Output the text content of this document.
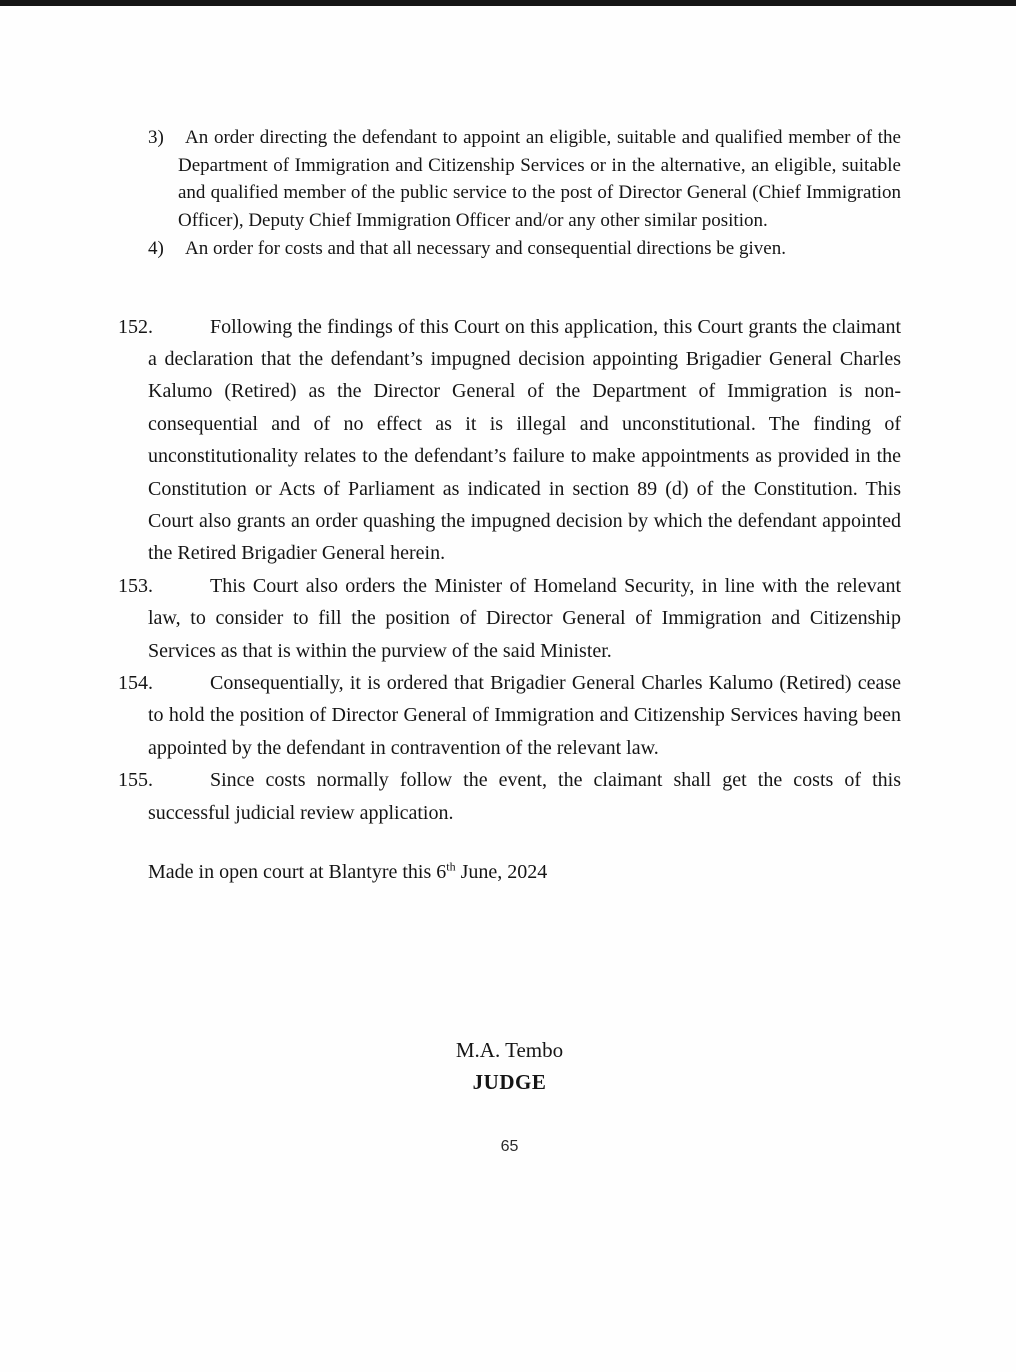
3) An order directing the defendant to appoint an eligible, suitable and qualified member of the Department of Immigration and Citizenship Services or in the alternative, an eligible, suitable and qualified member of the public service to the post of Director General (Chief Immigration Officer), Deputy Chief Immigration Officer and/or any other similar position.
4) An order for costs and that all necessary and consequential directions be given.
152.	Following the findings of this Court on this application, this Court grants the claimant a declaration that the defendant’s impugned decision appointing Brigadier General Charles Kalumo (Retired) as the Director General of the Department of Immigration is non-consequential and of no effect as it is illegal and unconstitutional. The finding of unconstitutionality relates to the defendant’s failure to make appointments as provided in the Constitution or Acts of Parliament as indicated in section 89 (d) of the Constitution. This Court also grants an order quashing the impugned decision by which the defendant appointed the Retired Brigadier General herein.
153.	This Court also orders the Minister of Homeland Security, in line with the relevant law, to consider to fill the position of Director General of Immigration and Citizenship Services as that is within the purview of the said Minister.
154.	Consequentially, it is ordered that Brigadier General Charles Kalumo (Retired) cease to hold the position of Director General of Immigration and Citizenship Services having been appointed by the defendant in contravention of the relevant law.
155.	Since costs normally follow the event, the claimant shall get the costs of this successful judicial review application.
Made in open court at Blantyre this 6th June, 2024
M.A. Tembo
JUDGE
65
